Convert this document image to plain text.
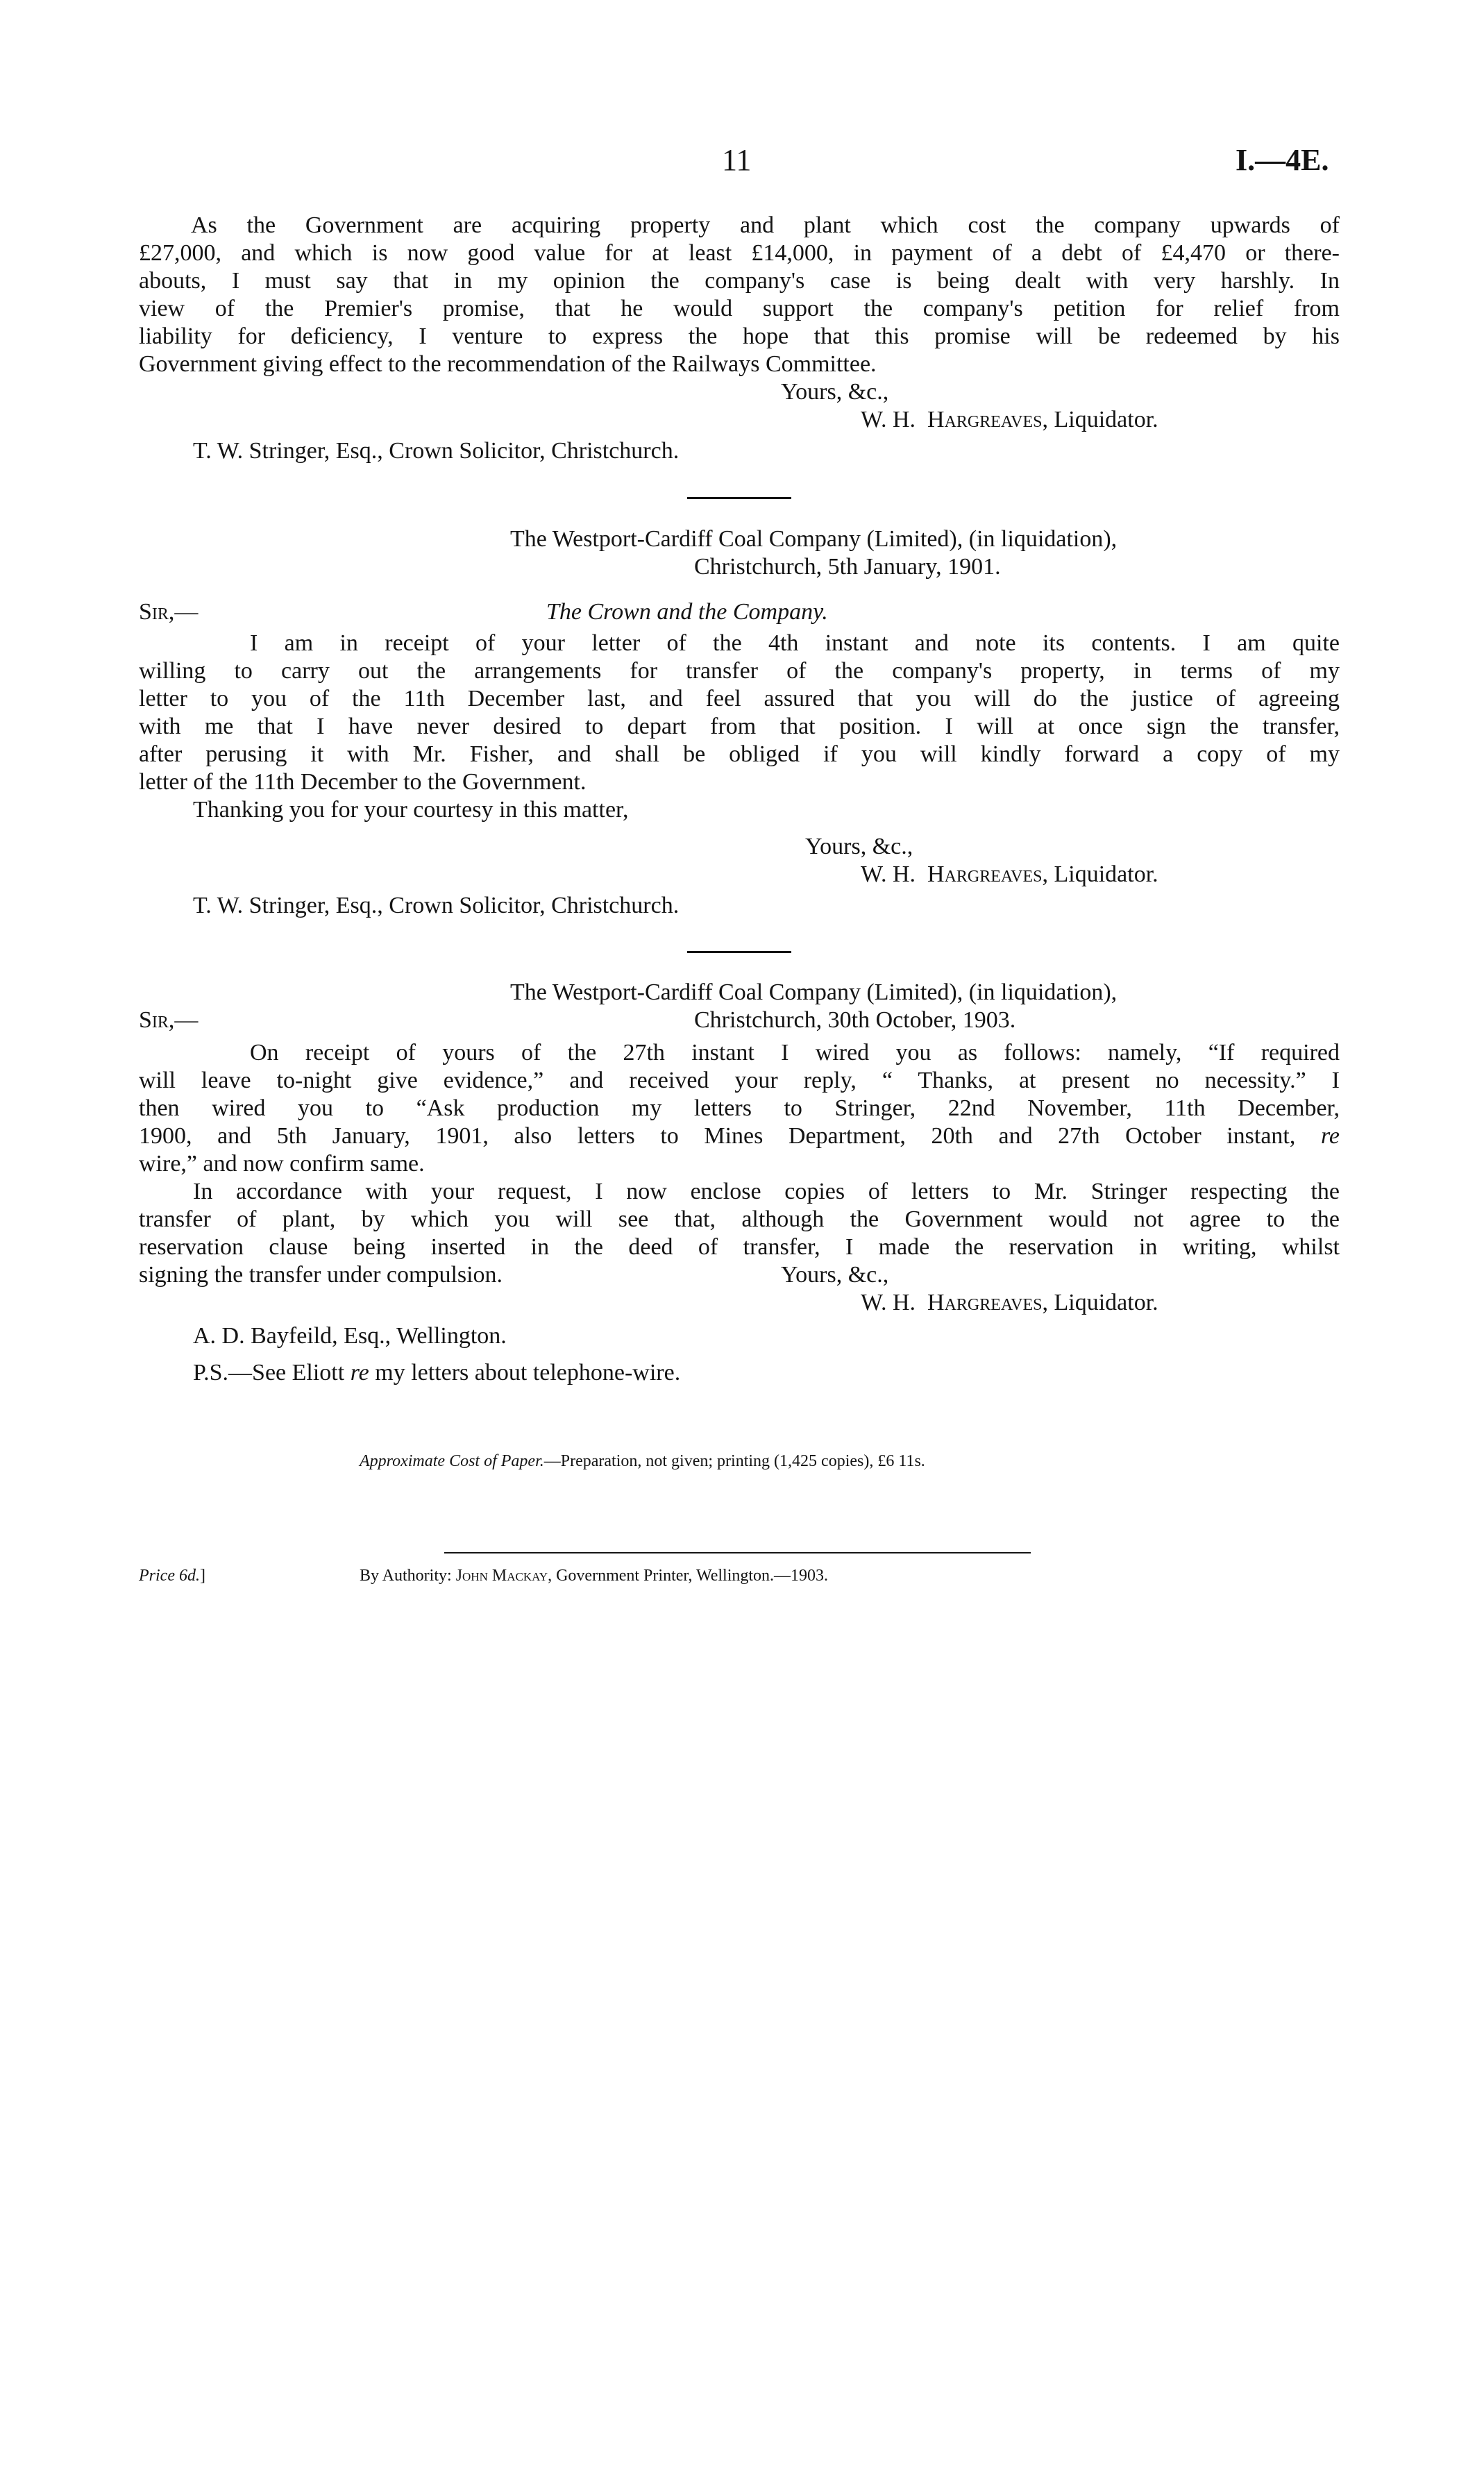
11	I.—4E.
As the Government are acquiring property and plant which cost the company upwards of
£27,000, and which is now good value for at least £14,000, in payment of a debt of £4,470 or there-
abouts, I must say that in my opinion the company's case is being dealt with very harshly. In
view of the Premier's promise, that he would support the company's petition for relief from
liability for deficiency, I venture to express the hope that this promise will be redeemed by his
Government giving effect to the recommendation of the Railways Committee.
Yours, &c.,
W. H. Hargreaves, Liquidator.
T. W. Stringer, Esq., Crown Solicitor, Christchurch.
The Westport-Cardiff Coal Company (Limited), (in liquidation),
Christchurch, 5th January, 1901.
Sir,—	The Crown and the Company.
I am in receipt of your letter of the 4th instant and note its contents. I am quite
willing to carry out the arrangements for transfer of the company's property, in terms of my
letter to you of the 11th December last, and feel assured that you will do the justice of agreeing
with me that I have never desired to depart from that position. I will at once sign the transfer,
after perusing it with Mr. Fisher, and shall be obliged if you will kindly forward a copy of my
letter of the 11th December to the Government.
Thanking you for your courtesy in this matter,
Yours, &c.,
W. H. Hargreaves, Liquidator.
T. W. Stringer, Esq., Crown Solicitor, Christchurch.
The Westport-Cardiff Coal Company (Limited), (in liquidation),
Sir,—	Christchurch, 30th October, 1903.
On receipt of yours of the 27th instant I wired you as follows: namely, “If required
will leave to-night give evidence,” and received your reply, “ Thanks, at present no necessity.” I
then wired you to “Ask production my letters to Stringer, 22nd November, 11th December,
1900, and 5th January, 1901, also letters to Mines Department, 20th and 27th October instant, re
wire,” and now confirm same.
In accordance with your request, I now enclose copies of letters to Mr. Stringer respecting the
transfer of plant, by which you will see that, although the Government would not agree to the
reservation clause being inserted in the deed of transfer, I made the reservation in writing, whilst
signing the transfer under compulsion.	Yours, &c.,
W. H. Hargreaves, Liquidator.
A. D. Bayfeild, Esq., Wellington.
P.S.—See Eliott re my letters about telephone-wire.
Approximate Cost of Paper.—Preparation, not given; printing (1,425 copies), £6 11s.
Price 6d.]	By Authority: John Mackay, Government Printer, Wellington.—1903.
